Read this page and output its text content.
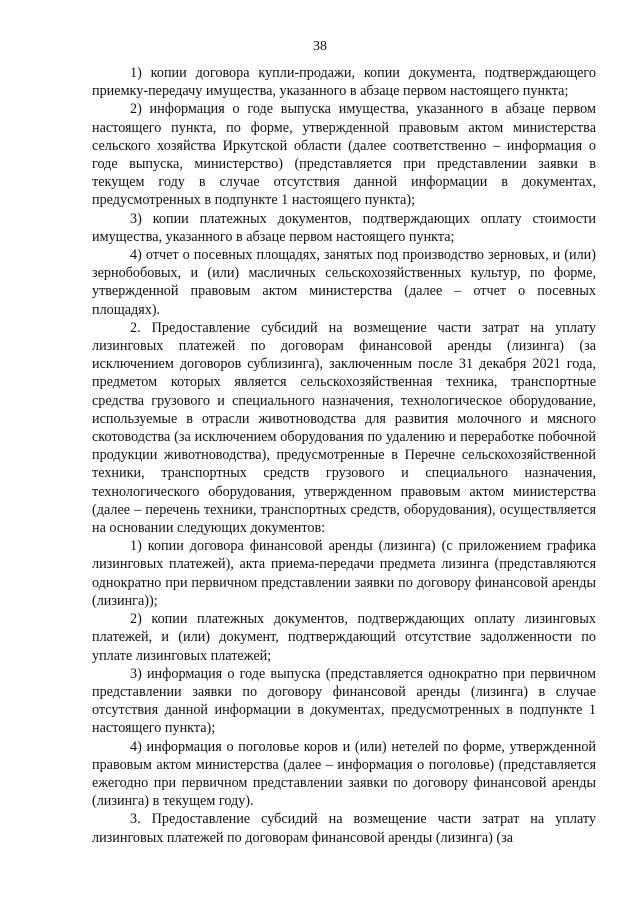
38

1) копии договора купли-продажи, копии документа, подтверждающего приемку-передачу имущества, указанного в абзаце первом настоящего пункта;

2) информация о годе выпуска имущества, указанного в абзаце первом настоящего пункта, по форме, утвержденной правовым актом министерства сельского хозяйства Иркутской области (далее соответственно – информация о годе выпуска, министерство) (представляется при представлении заявки в текущем году в случае отсутствия данной информации в документах, предусмотренных в подпункте 1 настоящего пункта);

3) копии платежных документов, подтверждающих оплату стоимости имущества, указанного в абзаце первом настоящего пункта;

4) отчет о посевных площадях, занятых под производство зерновых, и (или) зернобобовых, и (или) масличных сельскохозяйственных культур, по форме, утвержденной правовым актом министерства (далее – отчет о посевных площадях).

2. Предоставление субсидий на возмещение части затрат на уплату лизинговых платежей по договорам финансовой аренды (лизинга) (за исключением договоров сублизинга), заключенным после 31 декабря 2021 года, предметом которых является сельскохозяйственная техника, транспортные средства грузового и специального назначения, технологическое оборудование, используемые в отрасли животноводства для развития молочного и мясного скотоводства (за исключением оборудования по удалению и переработке побочной продукции животноводства), предусмотренные в Перечне сельскохозяйственной техники, транспортных средств грузового и специального назначения, технологического оборудования, утвержденном правовым актом министерства (далее – перечень техники, транспортных средств, оборудования), осуществляется на основании следующих документов:

1) копии договора финансовой аренды (лизинга) (с приложением графика лизинговых платежей), акта приема-передачи предмета лизинга (представляются однократно при первичном представлении заявки по договору финансовой аренды (лизинга));

2) копии платежных документов, подтверждающих оплату лизинговых платежей, и (или) документ, подтверждающий отсутствие задолженности по уплате лизинговых платежей;

3) информация о годе выпуска (представляется однократно при первичном представлении заявки по договору финансовой аренды (лизинга) в случае отсутствия данной информации в документах, предусмотренных в подпункте 1 настоящего пункта);

4) информация о поголовье коров и (или) нетелей по форме, утвержденной правовым актом министерства (далее – информация о поголовье) (представляется ежегодно при первичном представлении заявки по договору финансовой аренды (лизинга) в текущем году).

3. Предоставление субсидий на возмещение части затрат на уплату лизинговых платежей по договорам финансовой аренды (лизинга) (за
